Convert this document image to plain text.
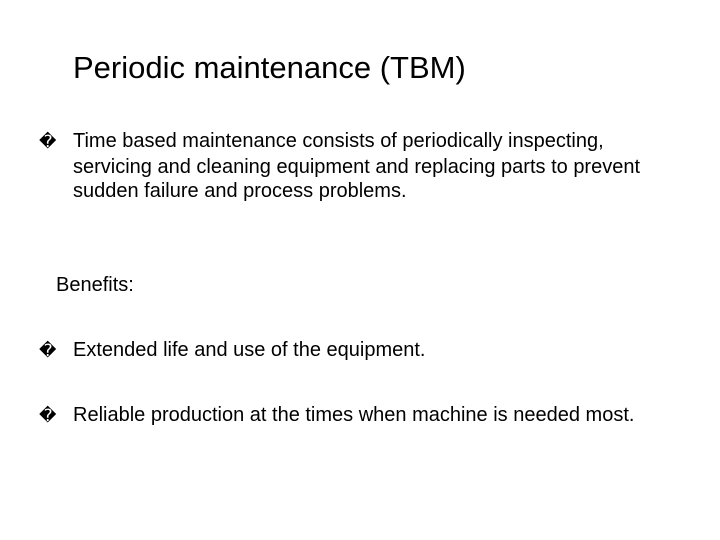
Periodic maintenance (TBM)
� Time based maintenance consists of periodically inspecting, servicing and cleaning equipment and replacing parts to prevent sudden failure and process problems.
Benefits:
� Extended life and use of the equipment.
� Reliable production at the times when machine is needed most.
